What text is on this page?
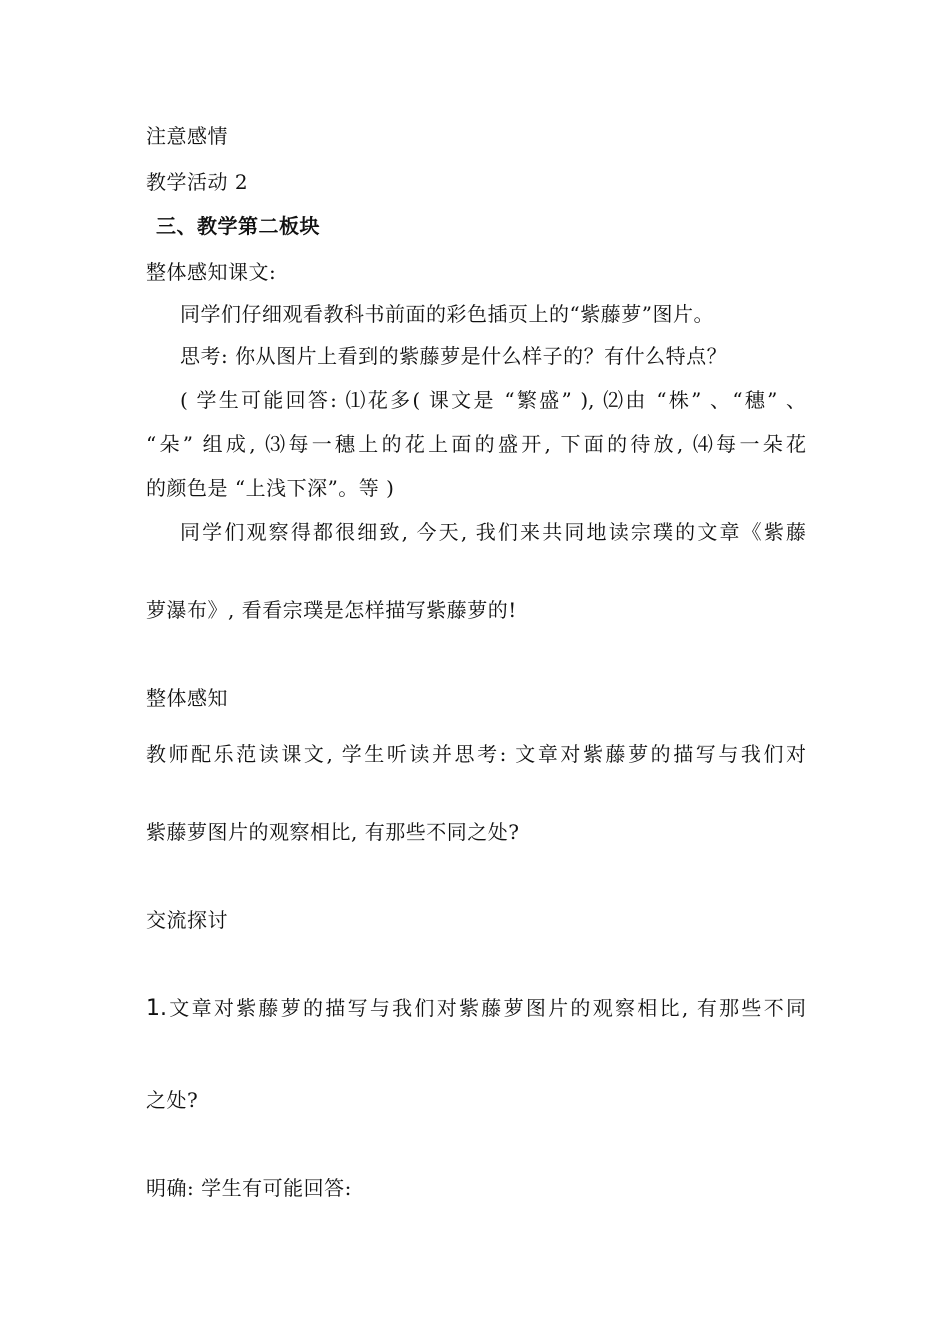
注意感情
教学活动 2
三、教学第二板块
整体感知课文:
同学们仔细观看教科书前面的彩色插页上的“紫藤萝”图片。
思考: 你从图片上看到的紫藤萝是什么样子的？有什么特点？
( 学生可能回答: ⑴花多( 课文是 “繁盛” ), ⑵由 “株” 、“穗” 、
“朵” 组成, ⑶每一穗上的花上面的盛开, 下面的待放, ⑷每一朵花
的颜色是 “上浅下深”。等 )
同学们观察得都很细致, 今天, 我们来共同地读宗璞的文章《紫藤
萝瀑布》, 看看宗璞是怎样描写紫藤萝的!
整体感知
教师配乐范读课文, 学生听读并思考: 文章对紫藤萝的描写与我们对
紫藤萝图片的观察相比, 有那些不同之处?
交流探讨
1.文章对紫藤萝的描写与我们对紫藤萝图片的观察相比, 有那些不同
之处?
明确: 学生有可能回答:
